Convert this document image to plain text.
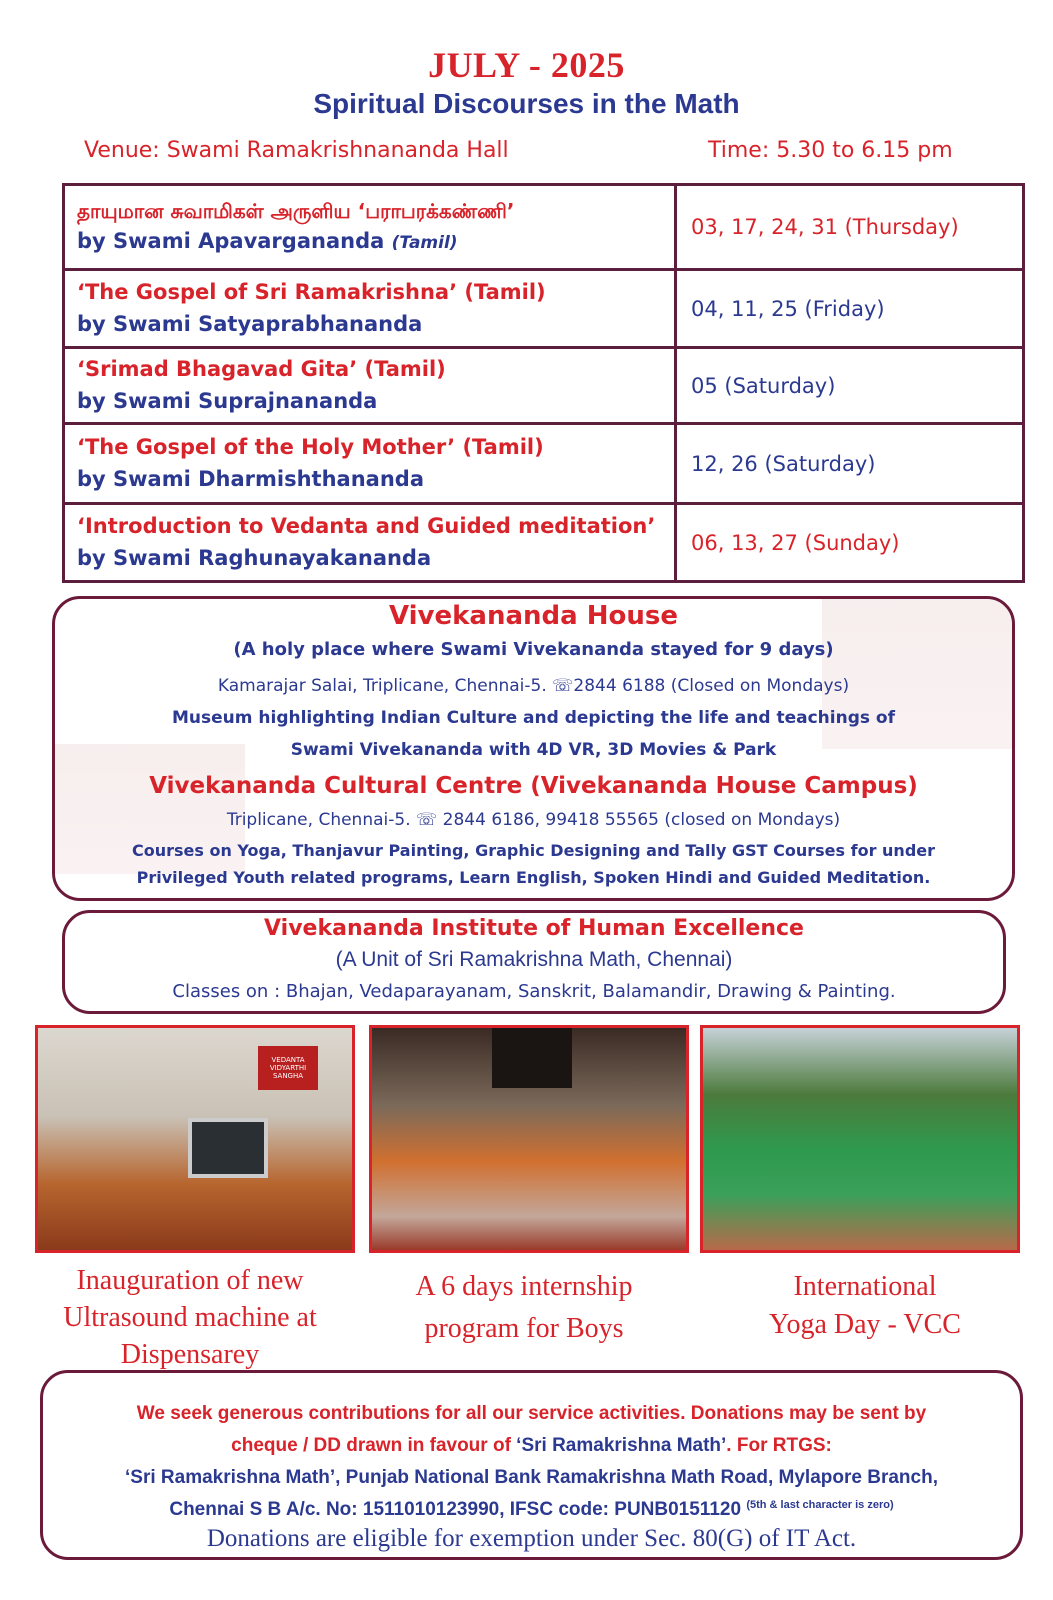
JULY - 2025
Spiritual Discourses in the Math
Venue: Swami Ramakrishnananda Hall	Time: 5.30 to 6.15 pm
தாயுமான சுவாமிகள் அருளிய ‘பராபரக்கண்ணி’
by Swami Apavargananda (Tamil)	03, 17, 24, 31 (Thursday)

‘The Gospel of Sri Ramakrishna’ (Tamil)
by Swami Satyaprabhananda	04, 11, 25 (Friday)

‘Srimad Bhagavad Gita’ (Tamil)
by Swami Suprajnananda	05 (Saturday)

‘The Gospel of the Holy Mother’ (Tamil)
by Swami Dharmishthananda	12, 26 (Saturday)

‘Introduction to Vedanta and Guided meditation’
by Swami Raghunayakananda	06, 13, 27 (Sunday)
Vivekananda House
(A holy place where Swami Vivekananda stayed for 9 days)
Kamarajar Salai, Triplicane, Chennai-5. ☏2844 6188 (Closed on Mondays)
Museum highlighting Indian Culture and depicting the life and teachings of
Swami Vivekananda with 4D VR, 3D Movies & Park
Vivekananda Cultural Centre (Vivekananda House Campus)
Triplicane, Chennai-5. ☏ 2844 6186, 99418 55565 (closed on Mondays)
Courses on Yoga, Thanjavur Painting, Graphic Designing and Tally GST Courses for under
Privileged Youth related programs, Learn English, Spoken Hindi and Guided Meditation.
Vivekananda Institute of Human Excellence
(A Unit of Sri Ramakrishna Math, Chennai)
Classes on : Bhajan, Vedaparayanam, Sanskrit, Balamandir, Drawing & Painting.
VEDANTA VIDYARTHI SANGHA
Inauguration of new
Ultrasound machine at
Dispensarey
A 6 days internship
program for Boys
International
Yoga Day - VCC
We seek generous contributions for all our service activities. Donations may be sent by
cheque / DD drawn in favour of ‘Sri Ramakrishna Math’. For RTGS:
‘Sri Ramakrishna Math’, Punjab National Bank Ramakrishna Math Road, Mylapore Branch,
Chennai S B A/c. No: 1511010123990, IFSC code: PUNB0151120 $^{(5th \& last character is zero)}$
Donations are eligible for exemption under Sec. 80(G) of IT Act.
